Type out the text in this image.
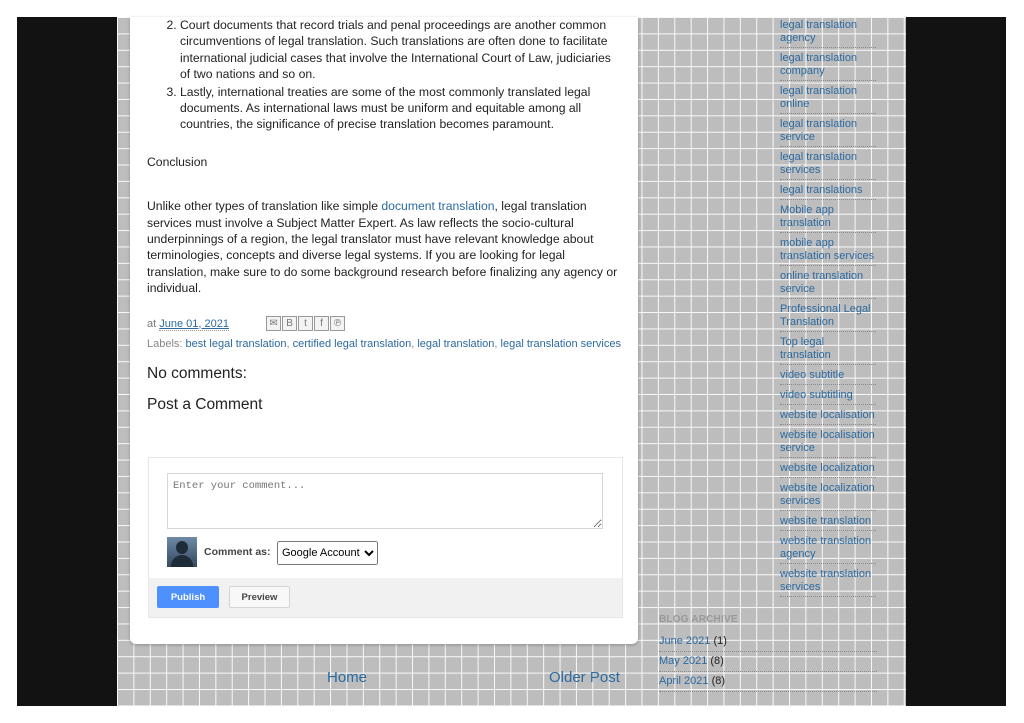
2. Court documents that record trials and penal proceedings are another common circumventions of legal translation. Such translations are often done to facilitate international judicial cases that involve the International Court of Law, judiciaries of two nations and so on.
3. Lastly, international treaties are some of the most commonly translated legal documents. As international laws must be uniform and equitable among all countries, the significance of precise translation becomes paramount.

Conclusion

Unlike other types of translation like simple document translation, legal translation services must involve a Subject Matter Expert. As law reflects the socio-cultural underpinnings of a region, the legal translator must have relevant knowledge about terminologies, concepts and diverse legal systems. If you are looking for legal translation, make sure to do some background research before finalizing any agency or individual.

at June 01, 2021	✉ B	t	f	℗
Labels: best legal translation, certified legal translation, legal translation, legal translation services
No comments:
Post a Comment
Enter your comment...
Comment as:
Google Account
Publish	Preview
Home	Older Post
legal translation agency
legal translation company
legal translation online
legal translation service
legal translation services
legal translations
Mobile app translation
mobile app translation services
online translation service
Professional Legal Translation
Top legal translation
video subtitle
video subtitling
website localisation
website localisation service
website localization
website localization services
website translation
website translation agency
website translation services
BLOG ARCHIVE
June 2021 (1)
May 2021 (8)
April 2021 (8)
